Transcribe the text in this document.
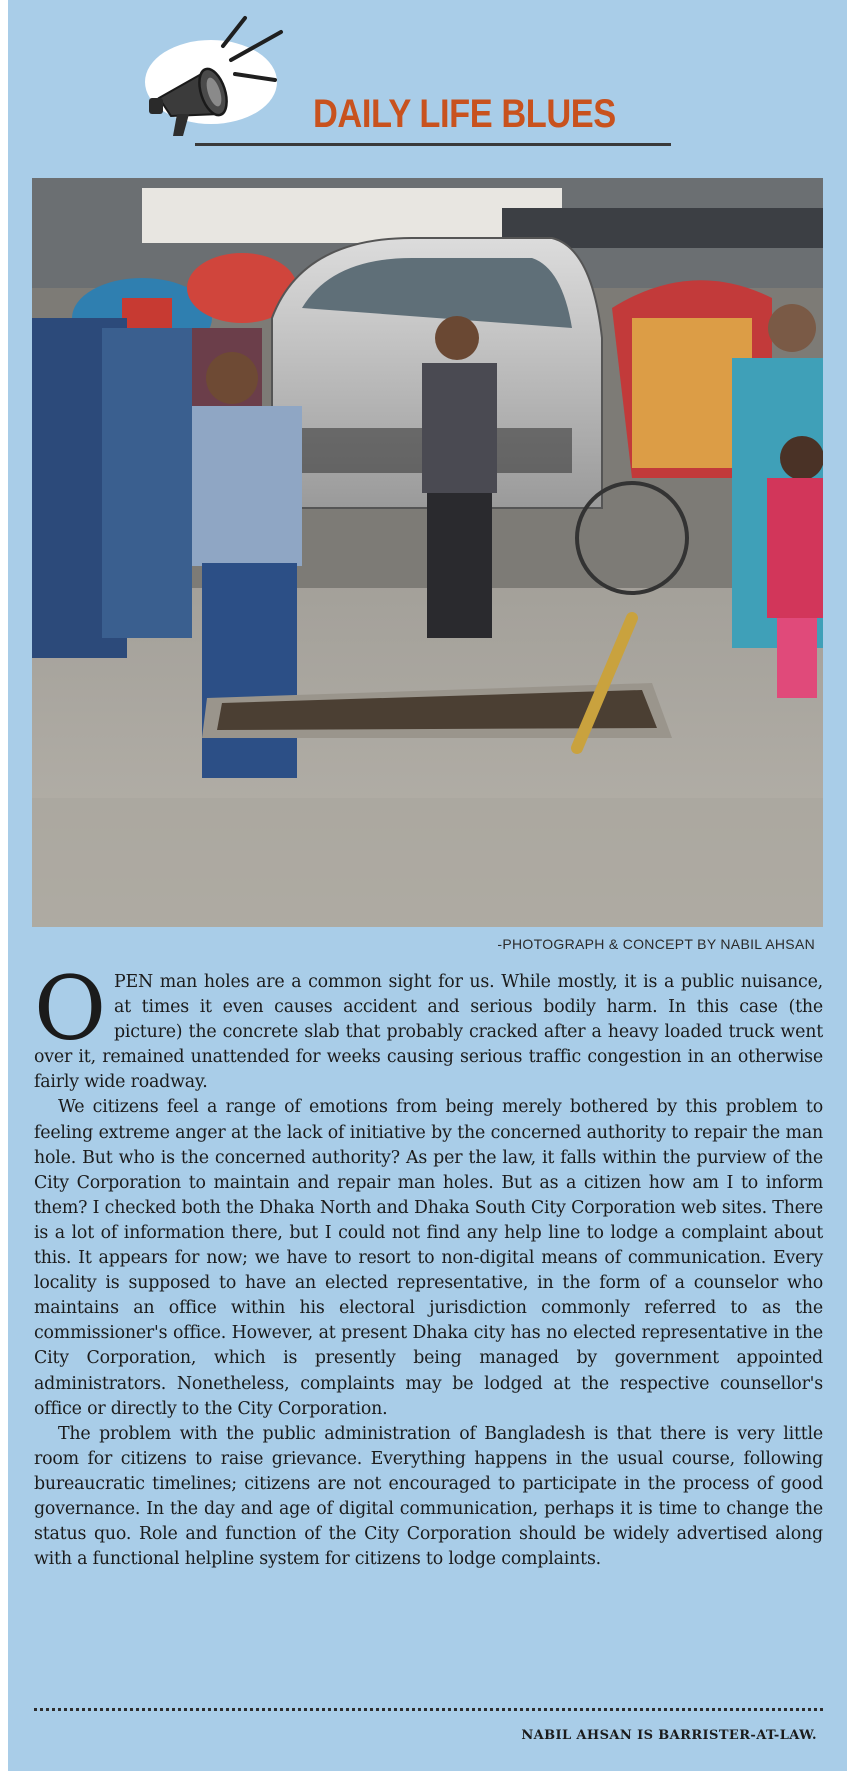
DAILY LIFE BLUES
-PHOTOGRAPH & CONCEPT BY NABIL AHSAN

OPEN man holes are a common sight for us. While mostly, it is a public nuisance, at times it even causes accident and serious bodily harm. In this case (the picture) the concrete slab that probably cracked after a heavy loaded truck went over it, remained unattended for weeks causing serious traffic congestion in an otherwise fairly wide roadway.

We citizens feel a range of emotions from being merely bothered by this problem to feeling extreme anger at the lack of initiative by the concerned authority to repair the man hole. But who is the concerned authority? As per the law, it falls within the purview of the City Corporation to maintain and repair man holes. But as a citizen how am I to inform them? I checked both the Dhaka North and Dhaka South City Corporation web sites. There is a lot of information there, but I could not find any help line to lodge a complaint about this. It appears for now; we have to resort to non-digital means of communication. Every locality is supposed to have an elected representative, in the form of a counselor who maintains an office within his electoral jurisdiction commonly referred to as the commissioner's office. However, at present Dhaka city has no elected representative in the City Corporation, which is presently being managed by government appointed administrators. Nonetheless, complaints may be lodged at the respective counsellor's office or directly to the City Corporation.

The problem with the public administration of Bangladesh is that there is very little room for citizens to raise grievance. Everything happens in the usual course, following bureaucratic timelines; citizens are not encouraged to participate in the process of good governance. In the day and age of digital communication, perhaps it is time to change the status quo. Role and function of the City Corporation should be widely advertised along with a functional helpline system for citizens to lodge complaints.

NABIL AHSAN IS BARRISTER-AT-LAW.
